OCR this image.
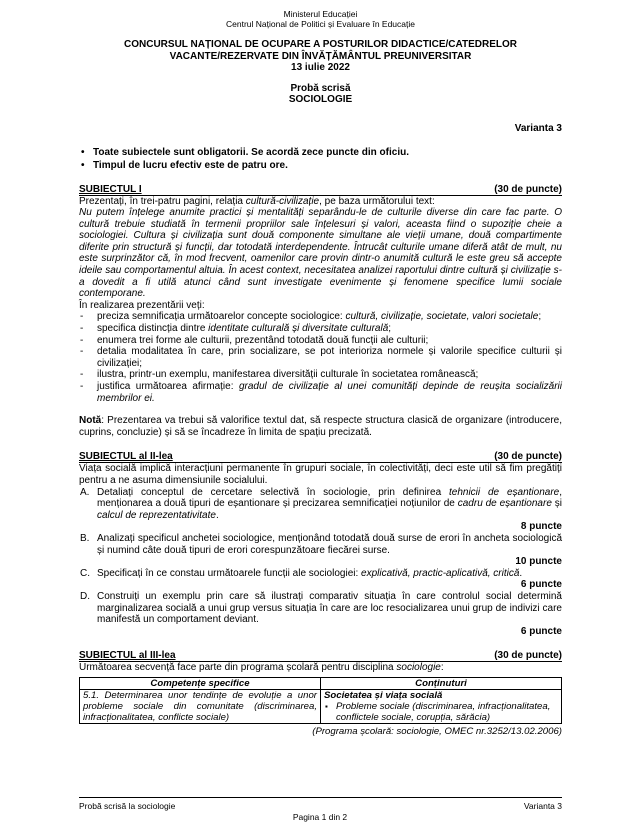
Ministerul Educației
Centrul Național de Politici și Evaluare în Educație
CONCURSUL NAȚIONAL DE OCUPARE A POSTURILOR DIDACTICE/CATEDRELOR
VACANTE/REZERVATE DIN ÎNVĂȚĂMÂNTUL PREUNIVERSITAR
13 iulie 2022
Probă scrisă
SOCIOLOGIE
Varianta 3
• Toate subiectele sunt obligatorii. Se acordă zece puncte din oficiu.
• Timpul de lucru efectiv este de patru ore.
SUBIECTUL I	(30 de puncte)

Prezentați, în trei-patru pagini, relația cultură-civilizație, pe baza următorului text:

Nu putem înțelege anumite practici și mentalități separându-le de culturile diverse din care fac parte. O cultură trebuie studiată în termenii propriilor sale înțelesuri și valori, aceasta fiind o supoziție cheie a sociologiei. Cultura și civilizația sunt două componente simultane ale vieții umane, două compartimente diferite prin structură și funcții, dar totodată interdependente. Întrucât culturile umane diferă atât de mult, nu este surprinzător că, în mod frecvent, oamenilor care provin dintr-o anumită cultură le este greu să accepte ideile sau comportamentul altuia. În acest context, necesitatea analizei raportului dintre cultură și civilizație s-a dovedit a fi utilă atunci când sunt investigate evenimente și fenomene specifice lumii sociale contemporane.

În realizarea prezentării veți:

- preciza semnificația următoarelor concepte sociologice: cultură, civilizație, societate, valori societale;
- specifica distincția dintre identitate culturală și diversitate culturală;
- enumera trei forme ale culturii, prezentând totodată două funcții ale culturii;
- detalia modalitatea în care, prin socializare, se pot interioriza normele și valorile specifice culturii și civilizației;
- ilustra, printr-un exemplu, manifestarea diversității culturale în societatea românească;
- justifica următoarea afirmație: gradul de civilizație al unei comunități depinde de reușita socializării membrilor ei.

Notă: Prezentarea va trebui să valorifice textul dat, să respecte structura clasică de organizare (introducere, cuprins, concluzie) și să se încadreze în limita de spațiu precizată.

SUBIECTUL al II-lea	(30 de puncte)

Viața socială implică interacțiuni permanente în grupuri sociale, în colectivități, deci este util să fim pregătiți pentru a ne asuma dimensiunile socialului.

A. Detaliați conceptul de cercetare selectivă în sociologie, prin definirea tehnicii de eșantionare, menționarea a două tipuri de eșantionare și precizarea semnificației noțiunilor de cadru de eșantionare și calcul de reprezentativitate.
8 puncte
B. Analizați specificul anchetei sociologice, menționând totodată două surse de erori în ancheta sociologică și numind câte două tipuri de erori corespunzătoare fiecărei surse.
10 puncte
C. Specificați în ce constau următoarele funcții ale sociologiei: explicativă, practic-aplicativă, critică.
6 puncte
D. Construiți un exemplu prin care să ilustrați comparativ situația în care controlul social determină marginalizarea socială a unui grup versus situația în care are loc resocializarea unui grup de indivizi care manifestă un comportament deviant.
6 puncte
SUBIECTUL al III-lea	(30 de puncte)

Următoarea secvență face parte din programa școlară pentru disciplina sociologie:

Competențe specifice	Conținuturi
5.1. Determinarea unor tendințe de evoluție a unor probleme sociale din comunitate (discriminarea, infracționalitatea, conflicte sociale)	Societatea și viața socială
▪ Probleme sociale (discriminarea, infracționalitatea, conflictele sociale, corupția, sărăcia)
(Programa școlară: sociologie, OMEC nr.3252/13.02.2006)
Probă scrisă la sociologie	Varianta 3
Pagina 1 din 2
